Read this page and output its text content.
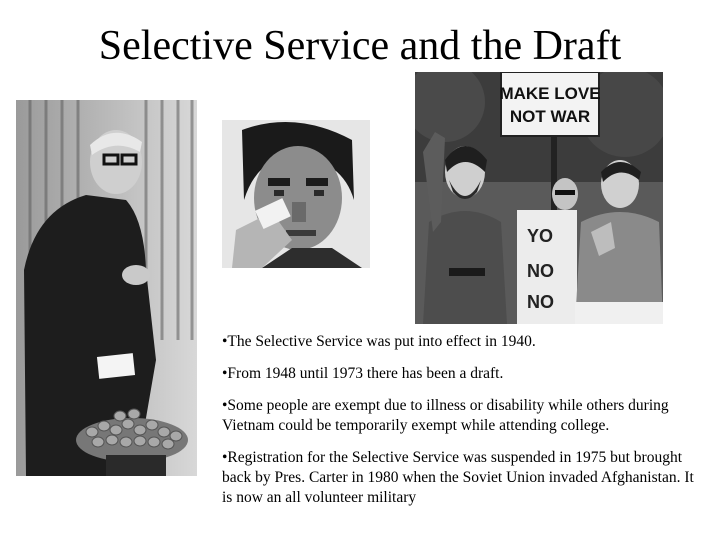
Selective Service and the Draft
MAKE LOVE
NOT WAR
YO
NO
NO

•The Selective Service was put into effect in 1940.

•From 1948 until 1973 there has been a draft.

•Some people are exempt due to illness or disability while others during Vietnam could be temporarily exempt while attending college.

•Registration for the Selective Service was suspended in 1975 but brought back by Pres. Carter in 1980 when the Soviet Union invaded Afghanistan. It is now an all volunteer military
